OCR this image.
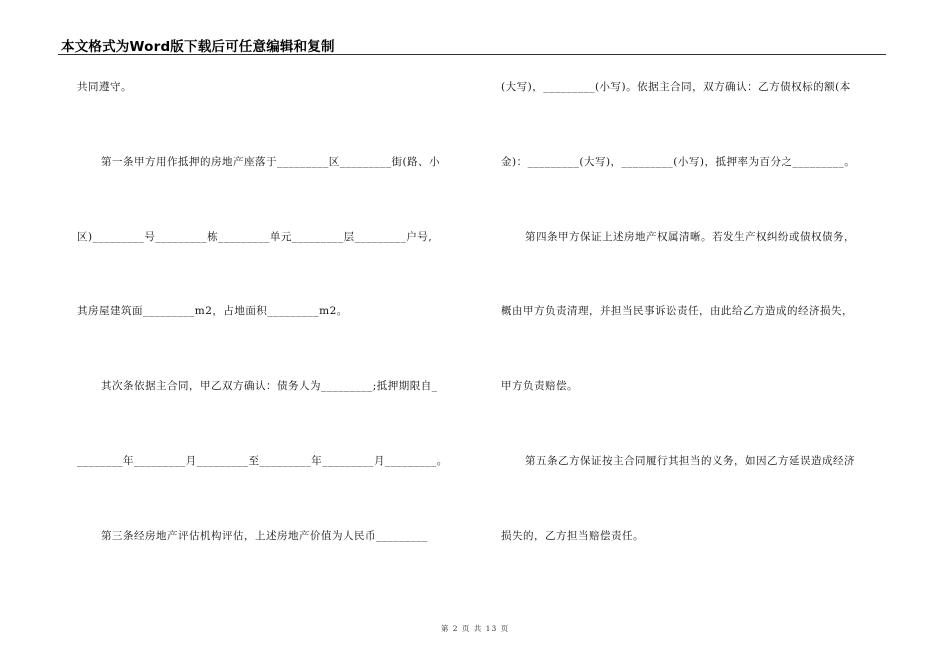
本文格式为Word版下载后可任意编辑和复制
共同遵守。
第一条甲方用作抵押的房地产座落于_________区_________街(路、小
区)_________号_________栋_________单元_________层_________户号,
其房屋建筑面_________m2，占地面积_________m2。
其次条依据主合同，甲乙双方确认：债务人为_________;抵押期限自_
________年_________月_________至_________年_________月_________。
第三条经房地产评估机构评估，上述房地产价值为人民币_________
(大写)，_________(小写)。依据主合同，双方确认：乙方债权标的额(本
金)：_________(大写)，_________(小写)，抵押率为百分之_________。
第四条甲方保证上述房地产权属清晰。若发生产权纠纷或债权债务，
概由甲方负责清理，并担当民事诉讼责任，由此给乙方造成的经济损失，
甲方负责赔偿。
第五条乙方保证按主合同履行其担当的义务，如因乙方延误造成经济
损失的，乙方担当赔偿责任。
第 2 页 共 13 页
